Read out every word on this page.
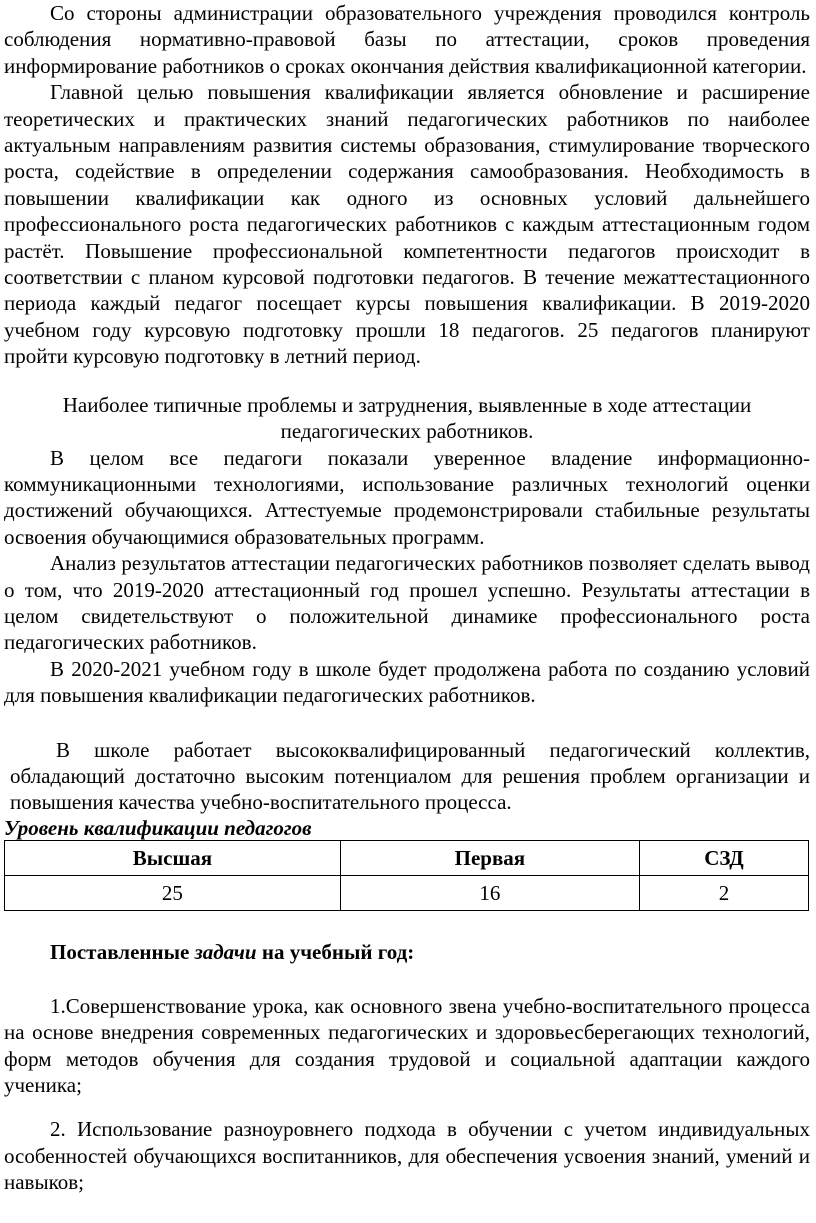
Со стороны администрации образовательного учреждения проводился контроль соблюдения нормативно-правовой базы по аттестации, сроков проведения информирование работников о сроках окончания действия квалификационной категории.

Главной целью повышения квалификации является обновление и расширение теоретических и практических знаний педагогических работников по наиболее актуальным направлениям развития системы образования, стимулирование творческого роста, содействие в определении содержания самообразования. Необходимость в повышении квалификации как одного из основных условий дальнейшего профессионального роста педагогических работников с каждым аттестационным годом растёт. Повышение профессиональной компетентности педагогов происходит в соответствии с планом курсовой подготовки педагогов. В течение межаттестационного периода каждый педагог посещает курсы повышения квалификации. В 2019-2020 учебном году курсовую подготовку прошли 18 педагогов. 25 педагогов планируют пройти курсовую подготовку в летний период.

Наиболее типичные проблемы и затруднения, выявленные в ходе аттестации педагогических работников.

В целом все педагоги показали уверенное владение информационно-коммуникационными технологиями, использование различных технологий оценки достижений обучающихся. Аттестуемые продемонстрировали стабильные результаты освоения обучающимися образовательных программ.

Анализ результатов аттестации педагогических работников позволяет сделать вывод о том, что 2019-2020 аттестационный год прошел успешно. Результаты аттестации в целом свидетельствуют о положительной динамике профессионального роста педагогических работников.

В 2020-2021 учебном году в школе будет продолжена работа по созданию условий для повышения квалификации педагогических работников.

В школе работает высококвалифицированный педагогический коллектив, обладающий достаточно высоким потенциалом для решения проблем организации и повышения качества учебно-воспитательного процесса.

Уровень квалификации педагогов

Высшая	Первая	СЗД
25	16	2

Поставленные задачи на учебный год:

1.Совершенствование урока, как основного звена учебно-воспитательного процесса на основе внедрения современных педагогических и здоровьесберегающих технологий, форм методов обучения для создания трудовой и социальной адаптации каждого ученика;

2. Использование разноуровнего подхода в обучении с учетом индивидуальных особенностей обучающихся воспитанников, для обеспечения усвоения знаний, умений и навыков;
